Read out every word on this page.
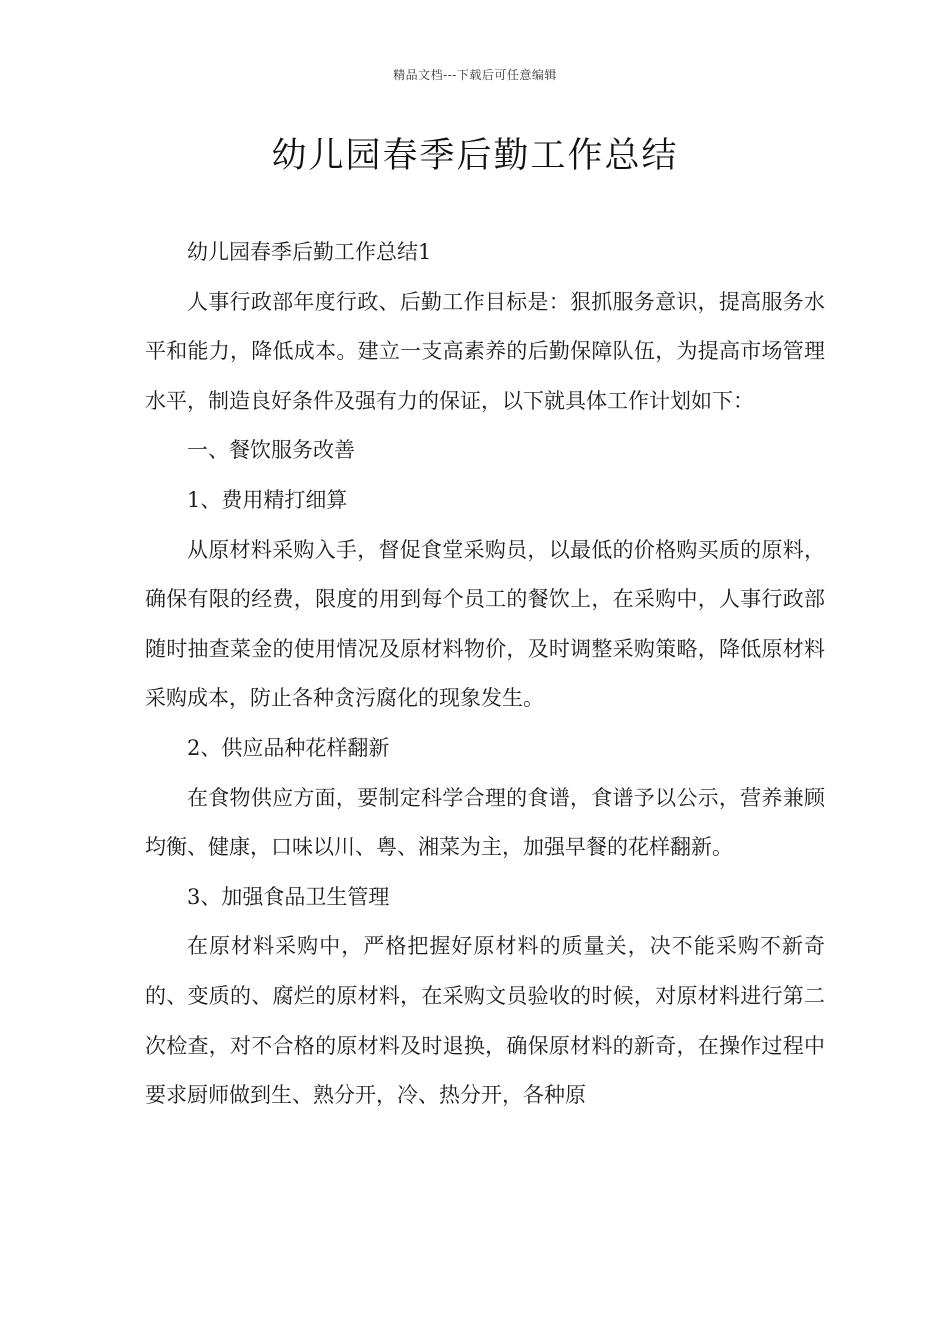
精品文档---下载后可任意编辑
幼儿园春季后勤工作总结

幼儿园春季后勤工作总结1

人事行政部年度行政、后勤工作目标是：狠抓服务意识，提高服务水平和能力，降低成本。建立一支高素养的后勤保障队伍，为提高市场管理水平，制造良好条件及强有力的保证，以下就具体工作计划如下：

一、餐饮服务改善

1、费用精打细算

从原材料采购入手，督促食堂采购员，以最低的价格购买质的原料，确保有限的经费，限度的用到每个员工的餐饮上，在采购中，人事行政部随时抽查菜金的使用情况及原材料物价，及时调整采购策略，降低原材料采购成本，防止各种贪污腐化的现象发生。

2、供应品种花样翻新

在食物供应方面，要制定科学合理的食谱，食谱予以公示，营养兼顾均衡、健康，口味以川、粤、湘菜为主，加强早餐的花样翻新。

3、加强食品卫生管理

在原材料采购中，严格把握好原材料的质量关，决不能采购不新奇的、变质的、腐烂的原材料，在采购文员验收的时候，对原材料进行第二次检查，对不合格的原材料及时退换，确保原材料的新奇，在操作过程中要求厨师做到生、熟分开，冷、热分开，各种原
